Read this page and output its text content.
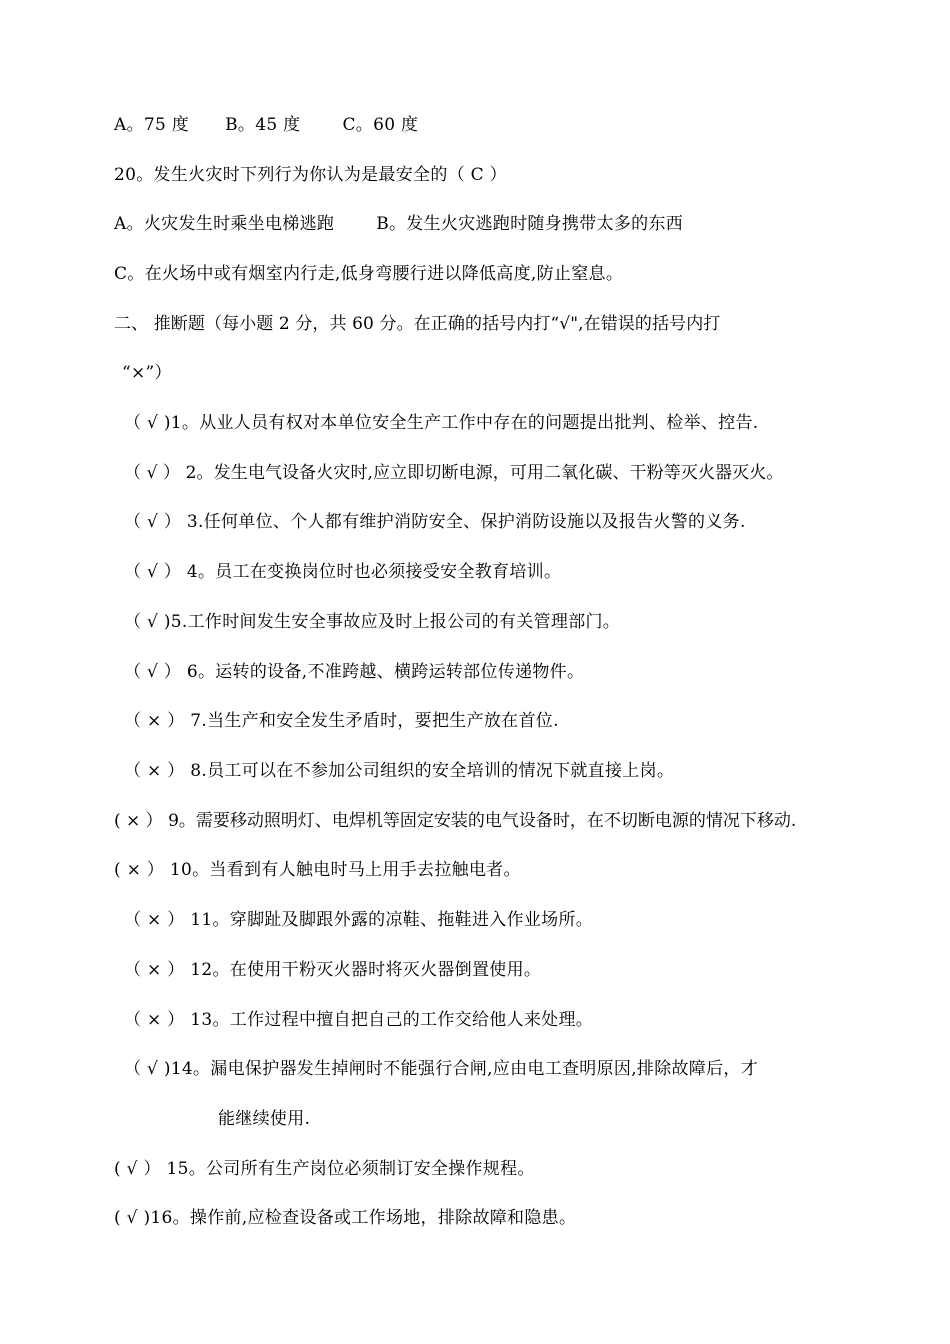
A。75 度 B。45 度 C。60 度
20。发生火灾时下列行为你认为是最安全的（ C ）
A。火灾发生时乘坐电梯逃跑 B。发生火灾逃跑时随身携带太多的东西
C。在火场中或有烟室内行走,低身弯腰行进以降低高度,防止窒息。
二、 推断题（每小题 2 分，共 60 分。在正确的括号内打“√",在错误的括号内打
“×”）
（ √ )1。从业人员有权对本单位安全生产工作中存在的问题提出批判、检举、控告.
（ √ ） 2。发生电气设备火灾时,应立即切断电源，可用二氧化碳、干粉等灭火器灭火。
（ √ ） 3.任何单位、个人都有维护消防安全、保护消防设施以及报告火警的义务.
（ √ ） 4。员工在变换岗位时也必须接受安全教育培训。
（ √ )5.工作时间发生安全事故应及时上报公司的有关管理部门。
（ √ ） 6。运转的设备,不准跨越、横跨运转部位传递物件。
（ × ） 7.当生产和安全发生矛盾时，要把生产放在首位.
（ × ） 8.员工可以在不参加公司组织的安全培训的情况下就直接上岗。
( × ） 9。需要移动照明灯、电焊机等固定安装的电气设备时，在不切断电源的情况下移动.
( × ） 10。当看到有人触电时马上用手去拉触电者。
（ × ） 11。穿脚趾及脚跟外露的凉鞋、拖鞋进入作业场所。
（ × ） 12。在使用干粉灭火器时将灭火器倒置使用。
（ × ） 13。工作过程中擅自把自己的工作交给他人来处理。
（ √ )14。漏电保护器发生掉闸时不能强行合闸,应由电工查明原因,排除故障后，才
能继续使用.
( √ ） 15。公司所有生产岗位必须制订安全操作规程。
( √ )16。操作前,应检查设备或工作场地，排除故障和隐患。
